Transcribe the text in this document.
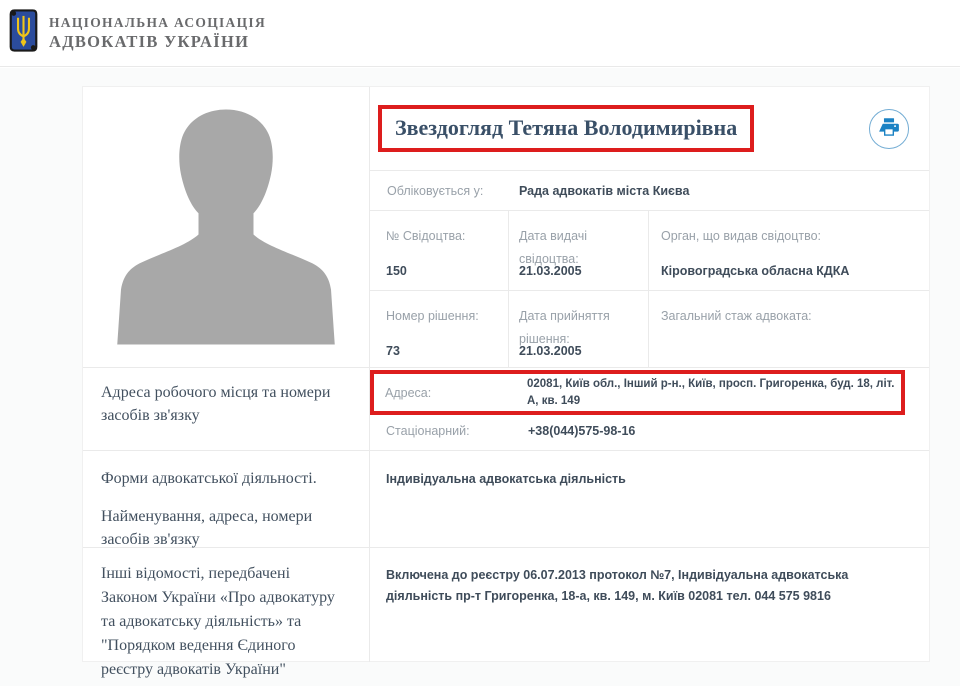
НАЦІОНАЛЬНА АСОЦІАЦІЯ
АДВОКАТІВ УКРАЇНИ
Звездогляд Тетяна Володимирівна
Обліковується у:	Рада адвокатів міста Києва
№ Свідоцтва:
150
Дата видачі свідоцтва:
21.03.2005
Орган, що видав свідоцтво:
Кіровоградська обласна КДКА
Номер рішення:
73
Дата прийняття рішення:
21.03.2005
Загальний стаж адвоката:
Адреса робочого місця та номери засобів зв'язку
Адреса:
02081, Київ обл., Інший р-н., Київ, просп. Григоренка, буд. 18, літ. А, кв. 149
Стаціонарний:	+38(044)575-98-16

Форми адвокатської діяльності.

Найменування, адреса, номери засобів зв'язку

Індивідуальна адвокатська діяльність
Інші відомості, передбачені Законом України «Про адвокатуру та адвокатську діяльність» та "Порядком ведення Єдиного реєстру адвокатів України"
Включена до реєстру 06.07.2013 протокол №7, Індивідуальна адвокатська діяльність пр-т Григоренка, 18-а, кв. 149, м. Київ 02081 тел. 044 575 9816
